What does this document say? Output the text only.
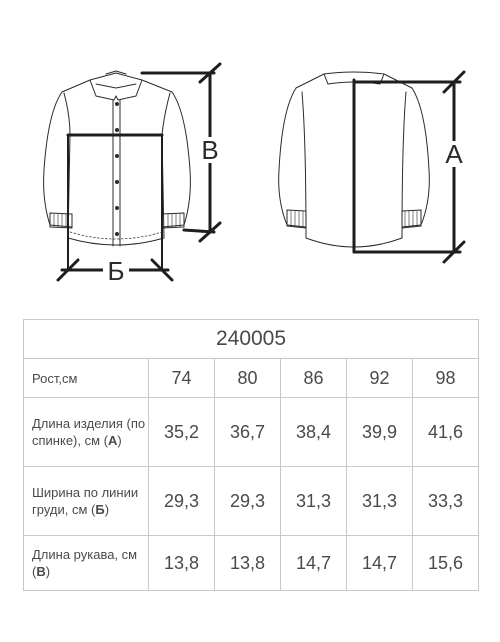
В
Б
А
240005					
Рост,см	74	80	86	92	98
Длина изделия (по спинке), см (А)	35,2	36,7	38,4	39,9	41,6
Ширина по линии груди, см (Б)	29,3	29,3	31,3	31,3	33,3
Длина рукава, см (В)	13,8	13,8	14,7	14,7	15,6
